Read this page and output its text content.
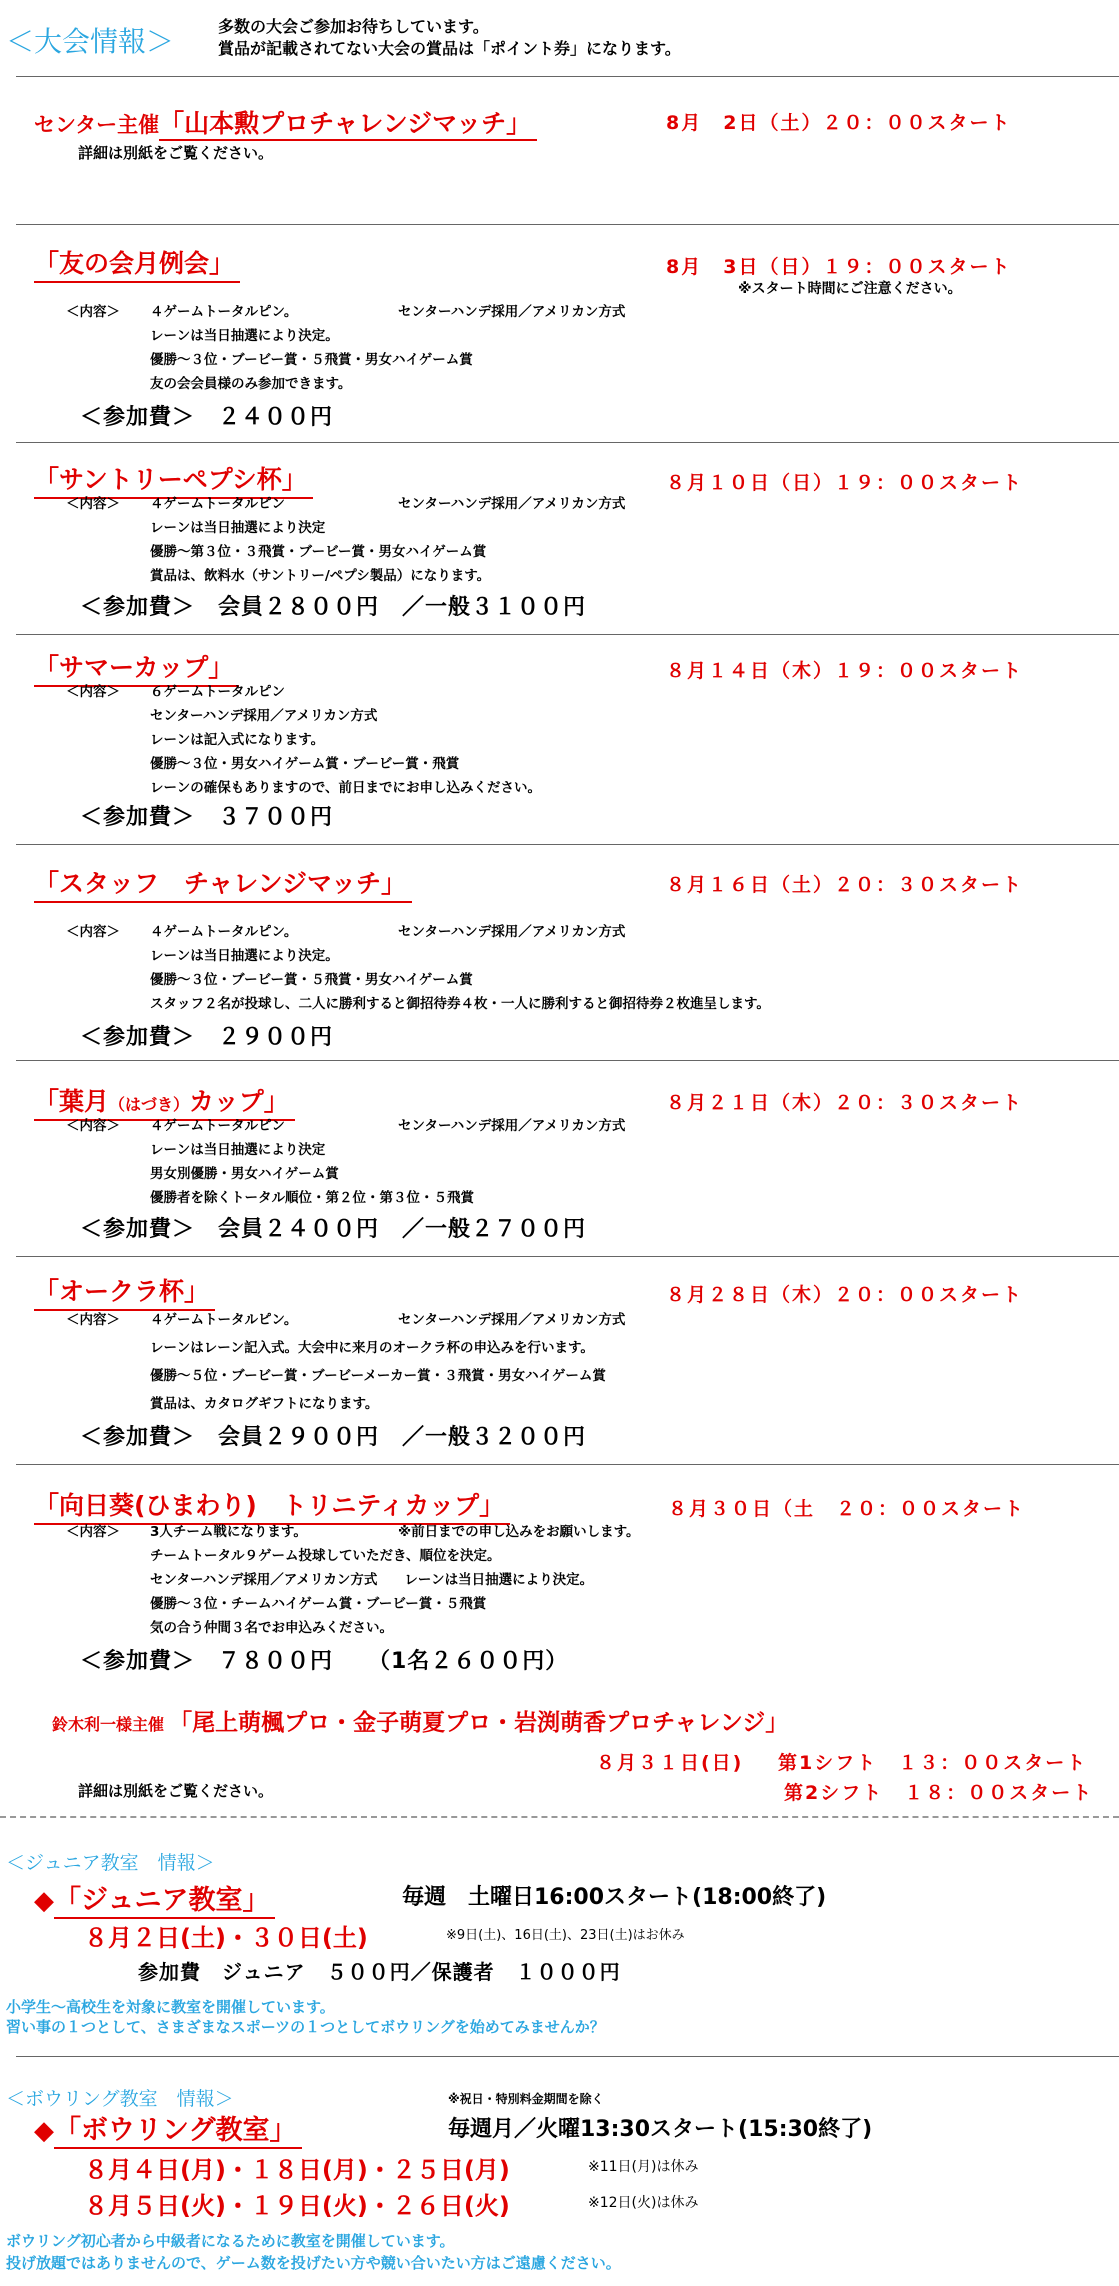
＜大会情報＞	多数の大会ご参加お待ちしています。
賞品が記載されてない大会の賞品は「ポイント券」になります。
センター主催「山本勲プロチャレンジマッチ」	8月　2日（土）２０：００スタート
詳細は別紙をご覧ください。
「友の会月例会」	8月　3日（日）１９：００スタート
※スタート時間にご注意ください。
＜内容＞ ４ゲームトータルピン。	センターハンデ採用／アメリカン方式
レーンは当日抽選により決定。
優勝～３位・ブービー賞・５飛賞・男女ハイゲーム賞
友の会会員様のみ参加できます。
＜参加費＞　２４００円
「サントリーペプシ杯」	８月１０日（日）１９：００スタート
＜内容＞ ４ゲームトータルピン	センターハンデ採用／アメリカン方式
レーンは当日抽選により決定
優勝～第３位・３飛賞・ブービー賞・男女ハイゲーム賞
賞品は、飲料水（サントリー/ペプシ製品）になります。
＜参加費＞　会員２８００円　／一般３１００円
「サマーカップ」	８月１４日（木）１９：００スタート
＜内容＞ ６ゲームトータルピン
センターハンデ採用／アメリカン方式
レーンは記入式になります。
優勝～３位・男女ハイゲーム賞・ブービー賞・飛賞
レーンの確保もありますので、前日までにお申し込みください。
＜参加費＞　３７００円
「スタッフ　チャレンジマッチ」	８月１６日（土）２０：３０スタート
＜内容＞ ４ゲームトータルピン。	センターハンデ採用／アメリカン方式
レーンは当日抽選により決定。
優勝～３位・ブービー賞・５飛賞・男女ハイゲーム賞
スタッフ２名が投球し、二人に勝利すると御招待券４枚・一人に勝利すると御招待券２枚進呈します。
＜参加費＞　２９００円
「葉月（はづき）カップ」	８月２１日（木）２０：３０スタート
＜内容＞ ４ゲームトータルピン	センターハンデ採用／アメリカン方式
レーンは当日抽選により決定
男女別優勝・男女ハイゲーム賞
優勝者を除くトータル順位・第２位・第３位・５飛賞
＜参加費＞　会員２４００円　／一般２７００円
「オークラ杯」	８月２８日（木）２０：００スタート
＜内容＞ ４ゲームトータルピン。	センターハンデ採用／アメリカン方式
レーンはレーン記入式。大会中に来月のオークラ杯の申込みを行います。
優勝～５位・ブービー賞・ブービーメーカー賞・３飛賞・男女ハイゲーム賞
賞品は、カタログギフトになります。
＜参加費＞　会員２９００円　／一般３２００円
「向日葵(ひまわり)　トリニティカップ」	８月３０日（土　２０：００スタート
＜内容＞ 3人チーム戦になります。	※前日までの申し込みをお願いします。
チームトータル９ゲーム投球していただき、順位を決定。
センターハンデ採用／アメリカン方式　　レーンは当日抽選により決定。
優勝～３位・チームハイゲーム賞・ブービー賞・５飛賞
気の合う仲間３名でお申込みください。
＜参加費＞　７８００円　　（1名２６００円）
鈴木利一様主催 「尾上萌楓プロ・金子萌夏プロ・岩渕萌香プロチャレンジ」
８月３１日(日) 第1シフト　１３：００スタート
第2シフト　１８：００スタート
詳細は別紙をご覧ください。
＜ジュニア教室　情報＞
◆「ジュニア教室」	毎週　土曜日16:00スタート(18:00終了)
８月２日(土)・３０日(土)	※9日(土)、16日(土)、23日(土)はお休み
参加費　ジュニア　５００円／保護者　１０００円
小学生～高校生を対象に教室を開催しています。
習い事の１つとして、さまざまなスポーツの１つとしてボウリングを始めてみませんか？
＜ボウリング教室　情報＞	※祝日・特別料金期間を除く
◆「ボウリング教室」	毎週月／火曜13:30スタート(15:30終了)
８月４日(月)・１８日(月)・２５日(月)	※11日(月)は休み
８月５日(火)・１９日(火)・２６日(火)	※12日(火)は休み
ボウリング初心者から中級者になるために教室を開催しています。
投げ放題ではありませんので、ゲーム数を投げたい方や競い合いたい方はご遠慮ください。
